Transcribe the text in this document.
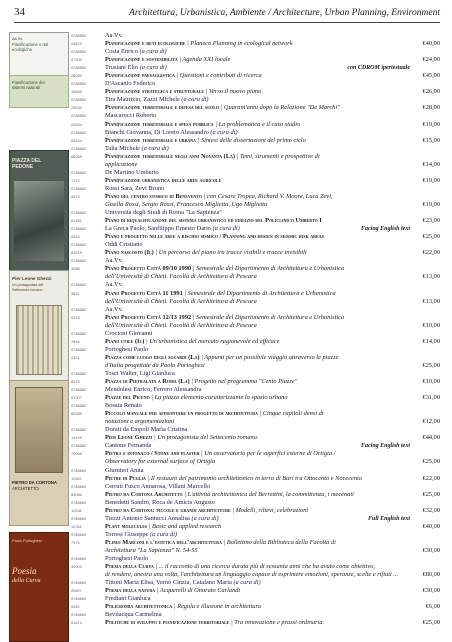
34	Architettura, Urbanistica, Ambiente / Architecture, Urban Planning, Environment
Aa.Vv.
Pianificazione e reti
ecologiche
Pianificazione dei
sistemi naturali
PIAZZA DEL
PEDONE
Pier Leone Ghezzi
Un protagonista del
Settecento romano
PIETRO DA CORTONA
ARCHITETTO
Paolo Portoghesi
Poesia
della Curva
9788882	Aa.Vv.
04872	Pianificazione e reti ecologiche | Planeco Planning in ecological network	€40,00
9788882	Costa Enrico (a cura di)
07200	Pianificazione e sostenibilità | Agenda XXI locale	€24,00
9788882	Trusiani Elio (a cura di)	con CDROM ipertestuale
28090	Pianificazione paesaggistica | Questioni e contributi di ricerca	€45,00
9788882	D'Ascanio Federico
15696	Pianificazione strategica e strutturale | Verso il nuovo piano	€26,00
9788882	Tira Maurizio, Zazzi Michele (a cura di)
25634	Pianificazione territoriale e difesa del suolo | Quarant'anni dopo la Relazione "De Marchi"	€28,00
9788882	Mascarucci Roberto
29934	Pianificazione territoriale e spesa pubblica | La problematica e il caso studio	€19,00
9788882	Bianchi Giovanna, Di Loreto Alessandro (a cura di)
54444	Pianificazione territoriale e urbana | Sintesi delle dissertazioni del primo ciclo	€15,00
9788882	Talia Michele (a cura di)
68059	Pianificazione territoriale negli anni Novanta (La) | Temi, strumenti e prospettive di
applicazione	€14,00
9788882	De Martino Umberto
1712	Pianificazione urbanistica delle aree agricole	€19,00
9788882	Rossi Sara, Zevi Bruno
2672	Piano del centro storico di Benevento | con Cesare Tropea, Richard V. Moore, Luca Zevi,
Gisella Rossi, Sergio Rossi, Francesco Miglietta, Ugo Miglietta	€19,00
9788882	Università degli Studi di Roma "La Sapienza"
81165	Piano di riqualificazione del sistema urbanistico ed edilizio del Policlinico Umberto I	€23,00
9788882	La Greca Paolo, Sanfilippo Ernesto Dario (a cura di)	Facing English text
5354	Piano e progetto nelle aree a rischio sismico / Planning and design in seismic risk areas	€25,00
9788882	Oddi Cristiano
84919	Piano nascosto (Il) | Un percorso del piano tra tracce visibili e tracce invisibili	€22,00
9788882	Aa.Vv.
3268	Piano Progetto Città 09/10 1990 | Semestrale del Dipartimento di Architettura e Urbanistica
dell'Università di Chieti. Facoltà di Architettura di Pescara	€13,00
9788882	Aa.Vv.
3651	Piano Progetto Città 11 1991 | Semestrale del Dipartimento di Architettura e Urbanistica
dell'Università di Chieti. Facoltà di Architettura di Pescara	€13,00
9788882	Aa.Vv.
5376	Piano Progetto Città 12/13 1992 | Semestrale del Dipartimento di Architettura e Urbanistica
dell'Università di Chieti. Facoltà di Architettura di Pescara	€10,00
9788882	Crocioni Giovanni
7646	Piano utile (Il) | Un'urbanistica del mercato ragionevole ed efficace	€14,00
9788882	Portoghesi Paolo
2351	Piazza come luogo degli sguardi (La) | Appunti per un possibile viaggio attraverso le piazze
d'Italia progettate da Paolo Portoghesi	€25,00
9788882	Tosci Walter, Ligi Gianluca
8476	Piazza di Pietralata a Roma (La) | Progetto nel programma "Cento Piazze"	€10,00
9788882	Mendolesi Enrico, Ferrero Alessandra
01307	Piazze del Piceno | La piazza elemento caratterizzante lo spazio urbano	€31,00
9788882	Bosata Renato
82085	Piccolo manuale per affrontare un progetto di architettura | Cinque capitoli densi di
notazioni e argomentazioni	€12,00
9788882	Dorati da Empoli Maria Cristina
14109	Pier Leone Ghezzi | Un protagonista del Settecento romano	€44,00
9788882	Cantone Fernanda	Facing English text
75006	Pietra e intonaco / Stone and plaster | Un osservatorio per le superfici esterne di Ortigia /
Observatory for external surface of Ortigia	€25,00
9788882	Giurnieri Anita
11362	Pietre di Puglia | Il restauro del patrimonio architettonico in terra di Bari tra Ottocento e Novecento	€22,00
9788882	Cerruti Fusco Annarosa, Villani Marcello
83066	Pietro da Cortona Architetto | L'attività architettonica del Berrettini, la committenza, i mecenati	€25,00
9788882	Benedetti Sandro, Roca de Amicis Augusto
11038	Pietro da Cortona: piccole e grandi architetture | Modelli, rilievi, celebrazioni	€32,00
9788882	Tiezzi Antonio Santucci Annalisa (a cura di)	Full English text
11784	Plant molecules | Basic and applied research	€40,00
9788882	Torresi Giuseppe (a cura di)
7376	Plinio Marconi e l'estetica dell'architettura | Bollettino della Biblioteca della Facoltà di
Architettura "La Sapienza" N. 54-55	€30,00
9788882	Portoghesi Paolo
39003	Poesia della Curva | ... il racconto di una ricerca durata più di sessanta anni che ha avuto come obiettivo,
di rendere, ancora una volta, l'architettura un linguaggio capace di esprimere emozioni, speranze, scelte e rifiuti ...	€80,00
9788882	Tittoni Maria Elisa, Verno Cinzia, Catalano Maria (a cura di)
20827	Poesia della natura | Acquerelli di Onorato Carlandi	€30,00
9788882	Frediani Gianluca
9352	Policromia architettonica | Regola e illusione in architettura	€6,00
9788882	Bevilacqua Carmelina
81874	Politiche di sviluppo e pianificazione territoriale | Tra innovazione e prassi ordinaria.	€25,00
